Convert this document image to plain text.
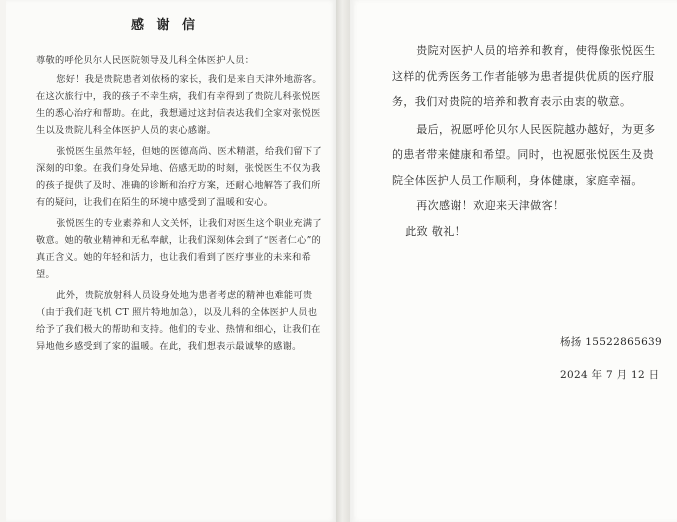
感 谢 信

尊敬的呼伦贝尔人民医院领导及儿科全体医护人员：

您好！我是贵院患者刘依杨的家长，我们是来自天津外地游客。在这次旅行中，我的孩子不幸生病，我们有幸得到了贵院儿科张悦医生的悉心治疗和帮助。在此，我想通过这封信表达我们全家对张悦医生以及贵院儿科全体医护人员的衷心感谢。

张悦医生虽然年轻，但她的医德高尚、医术精湛，给我们留下了深刻的印象。在我们身处异地、倍感无助的时刻，张悦医生不仅为我的孩子提供了及时、准确的诊断和治疗方案，还耐心地解答了我们所有的疑问，让我们在陌生的环境中感受到了温暖和安心。

张悦医生的专业素养和人文关怀，让我们对医生这个职业充满了敬意。她的敬业精神和无私奉献，让我们深刻体会到了“医者仁心”的真正含义。她的年轻和活力，也让我们看到了医疗事业的未来和希望。

此外，贵院放射科人员设身处地为患者考虑的精神也难能可贵（由于我们赶飞机 CT 照片特地加急），以及儿科的全体医护人员也给予了我们极大的帮助和支持。他们的专业、热情和细心，让我们在异地他乡感受到了家的温暖。在此，我们想表示最诚挚的感谢。

贵院对医护人员的培养和教育，使得像张悦医生这样的优秀医务工作者能够为患者提供优质的医疗服务，我们对贵院的培养和教育表示由衷的敬意。

最后，祝愿呼伦贝尔人民医院越办越好，为更多的患者带来健康和希望。同时，也祝愿张悦医生及贵院全体医护人员工作顺利，身体健康，家庭幸福。

再次感谢！欢迎来天津做客！

此致 敬礼！

杨扬 15522865639
2024 年 7 月 12 日
